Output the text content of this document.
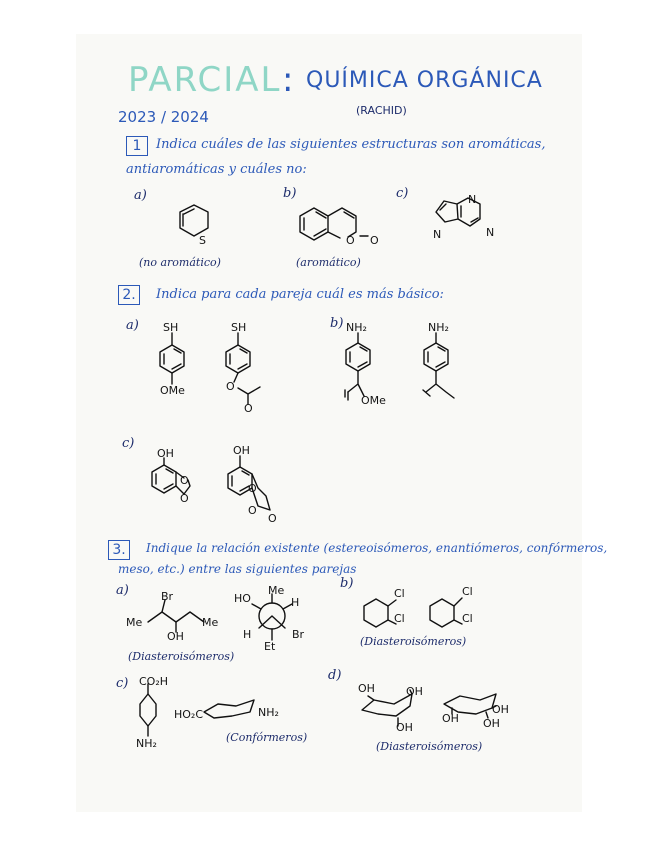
PARCIAL : QUÍMICA ORGÁNICA
2023 / 2024	(RACHID)
1	Indica cuáles de las siguientes estructuras son aromáticas,
antiaromáticas y cuáles no:
a)	b)	c)
(no aromático)	(aromático)
S	O O	N
N
N
2.	Indica para cada pareja cuál es más básico:
a)	b)
c)
SH	SH
OMe	O
O
NH₂	NH₂
OMe
OH	OH
O
O
O
O
O
3.	Indique la relación existente (estereoisómeros, enantiómeros, confórmeros,
meso, etc.) entre las siguientes parejas
a)	b)
c)
d)
(Diasteroisómeros)
(Diasteroisómeros)
(Confórmeros)
(Diasteroisómeros)
Br
Me	Me
OH
HO
Me
H
H	Br
Et
Cl
Cl
Cl
Cl
CO₂H
NH₂
HO₂C	NH₂
OH	OH
OH
OH
OH
OH
